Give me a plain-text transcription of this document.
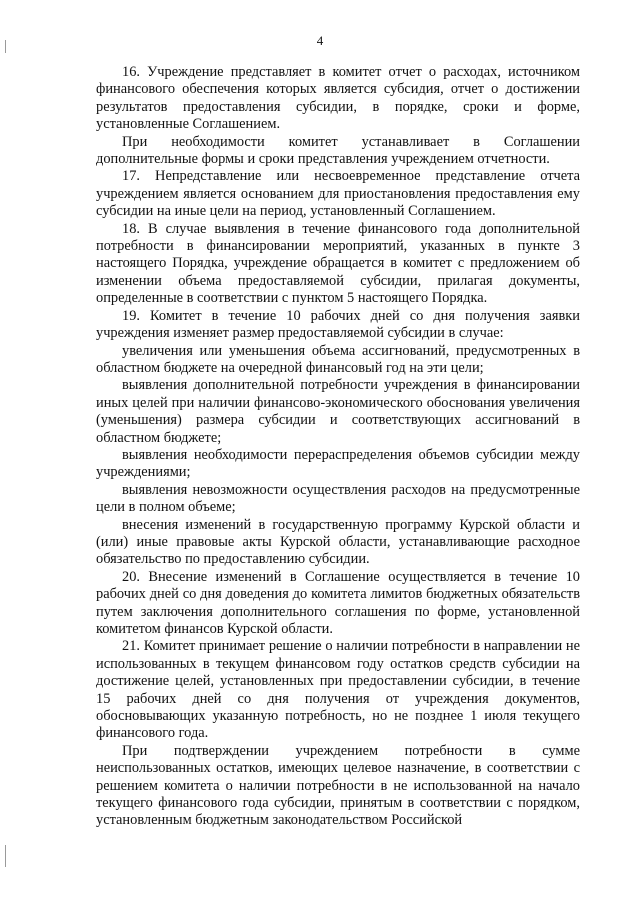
4

16. Учреждение представляет в комитет отчет о расходах, источником финансового обеспечения которых является субсидия, отчет о достижении результатов предоставления субсидии, в порядке, сроки и форме, установленные Соглашением.

При необходимости комитет устанавливает в Соглашении дополнительные формы и сроки представления учреждением отчетности.

17. Непредставление или несвоевременное представление отчета учреждением является основанием для приостановления предоставления ему субсидии на иные цели на период, установленный Соглашением.

18. В случае выявления в течение финансового года дополнительной потребности в финансировании мероприятий, указанных в пункте 3 настоящего Порядка, учреждение обращается в комитет с предложением об изменении объема предоставляемой субсидии, прилагая документы, определенные в соответствии с пунктом 5 настоящего Порядка.

19. Комитет в течение 10 рабочих дней со дня получения заявки учреждения изменяет размер предоставляемой субсидии в случае:

увеличения или уменьшения объема ассигнований, предусмотренных в областном бюджете на очередной финансовый год на эти цели;

выявления дополнительной потребности учреждения в финансировании иных целей при наличии финансово-экономического обоснования увеличения (уменьшения) размера субсидии и соответствующих ассигнований в областном бюджете;

выявления необходимости перераспределения объемов субсидии между учреждениями;

выявления невозможности осуществления расходов на предусмотренные цели в полном объеме;

внесения изменений в государственную программу Курской области и (или) иные правовые акты Курской области, устанавливающие расходное обязательство по предоставлению субсидии.

20. Внесение изменений в Соглашение осуществляется в течение 10 рабочих дней со дня доведения до комитета лимитов бюджетных обязательств путем заключения дополнительного соглашения по форме, установленной комитетом финансов Курской области.

21. Комитет принимает решение о наличии потребности в направлении не использованных в текущем финансовом году остатков средств субсидии на достижение целей, установленных при предоставлении субсидии, в течение 15 рабочих дней со дня получения от учреждения документов, обосновывающих указанную потребность, но не позднее 1 июля текущего финансового года.

При подтверждении учреждением потребности в сумме неиспользованных остатков, имеющих целевое назначение, в соответствии с решением комитета о наличии потребности в не использованной на начало текущего финансового года субсидии, принятым в соответствии с порядком, установленным бюджетным законодательством Российской
